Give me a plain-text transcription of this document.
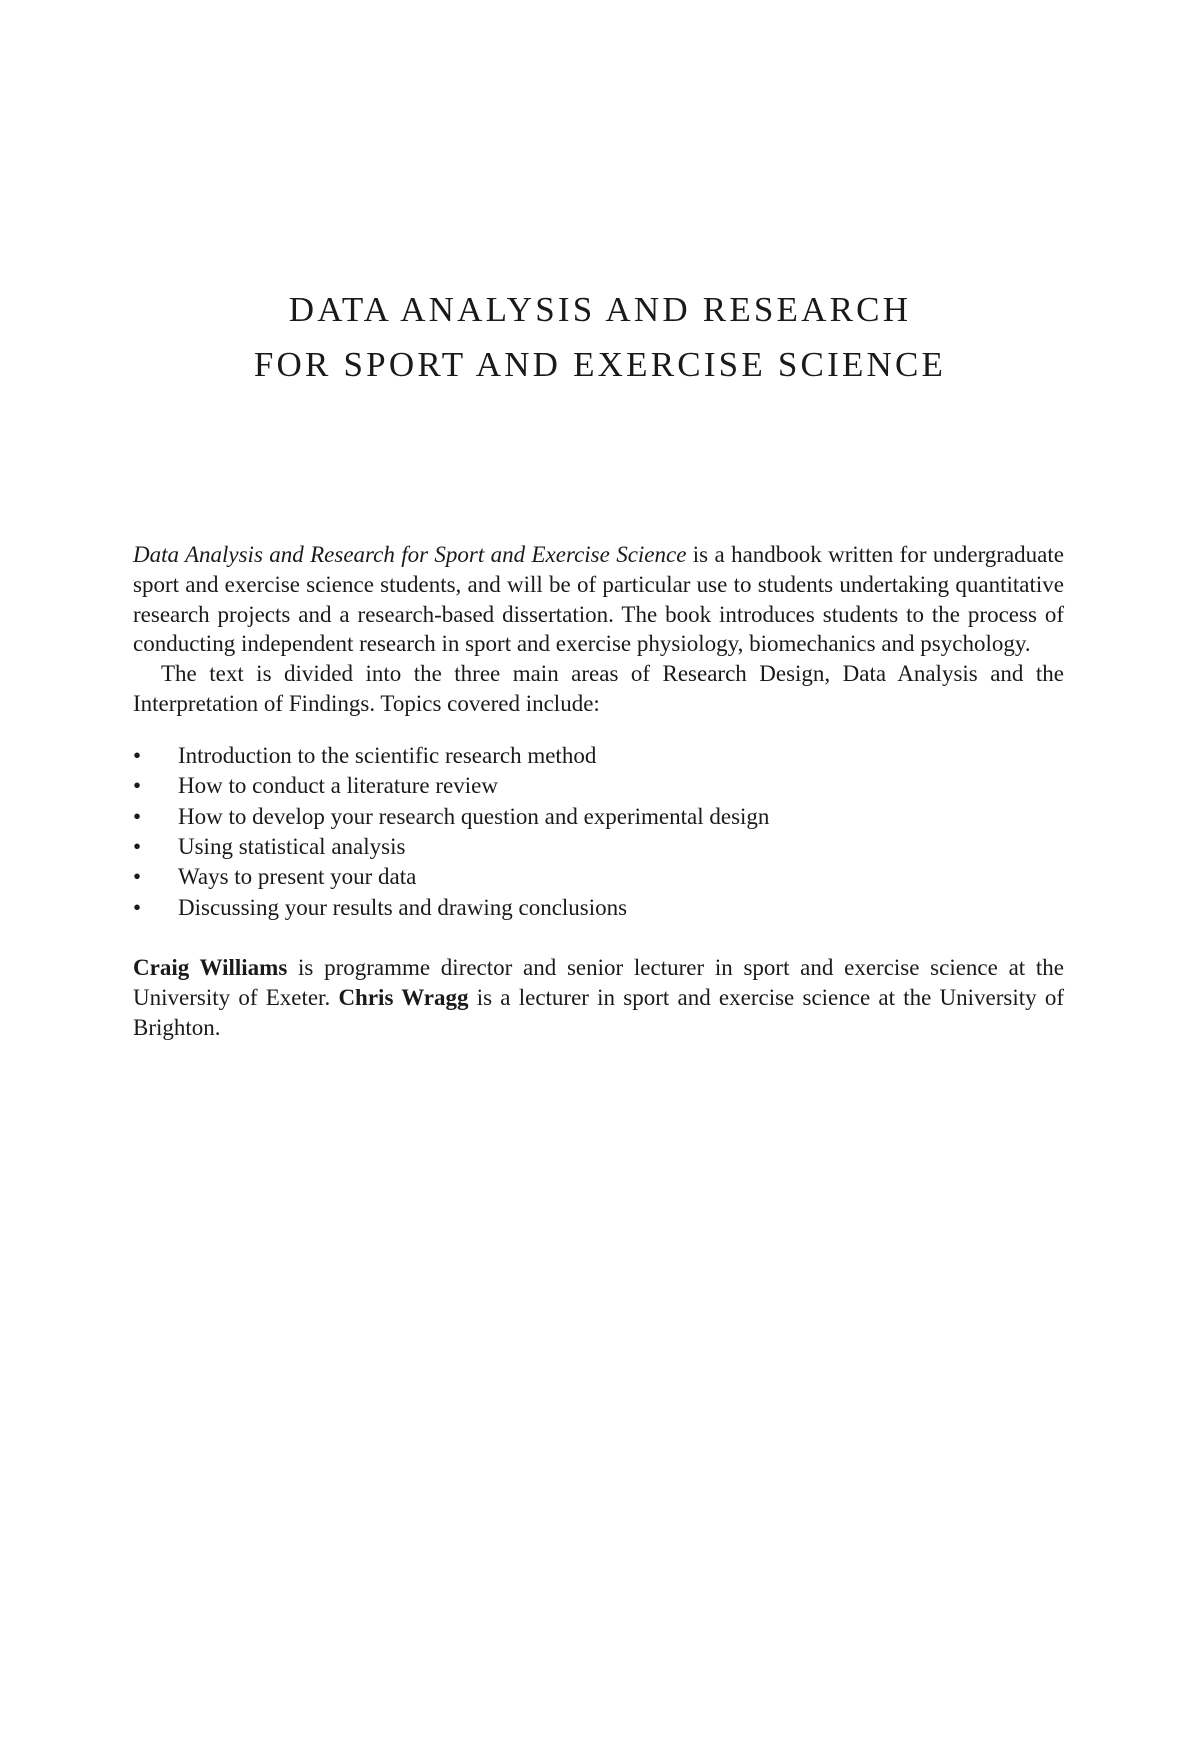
DATA ANALYSIS AND RESEARCH
FOR SPORT AND EXERCISE SCIENCE

Data Analysis and Research for Sport and Exercise Science is a handbook written for undergraduate sport and exercise science students, and will be of particular use to students undertaking quantitative research projects and a research-based dissertation. The book introduces students to the process of conducting independent research in sport and exercise physiology, biomechanics and psychology.

The text is divided into the three main areas of Research Design, Data Analysis and the Interpretation of Findings. Topics covered include:

•	Introduction to the scientific research method
•	How to conduct a literature review
•	How to develop your research question and experimental design
•	Using statistical analysis
•	Ways to present your data
•	Discussing your results and drawing conclusions

Craig Williams is programme director and senior lecturer in sport and exercise science at the University of Exeter. Chris Wragg is a lecturer in sport and exercise science at the University of Brighton.
